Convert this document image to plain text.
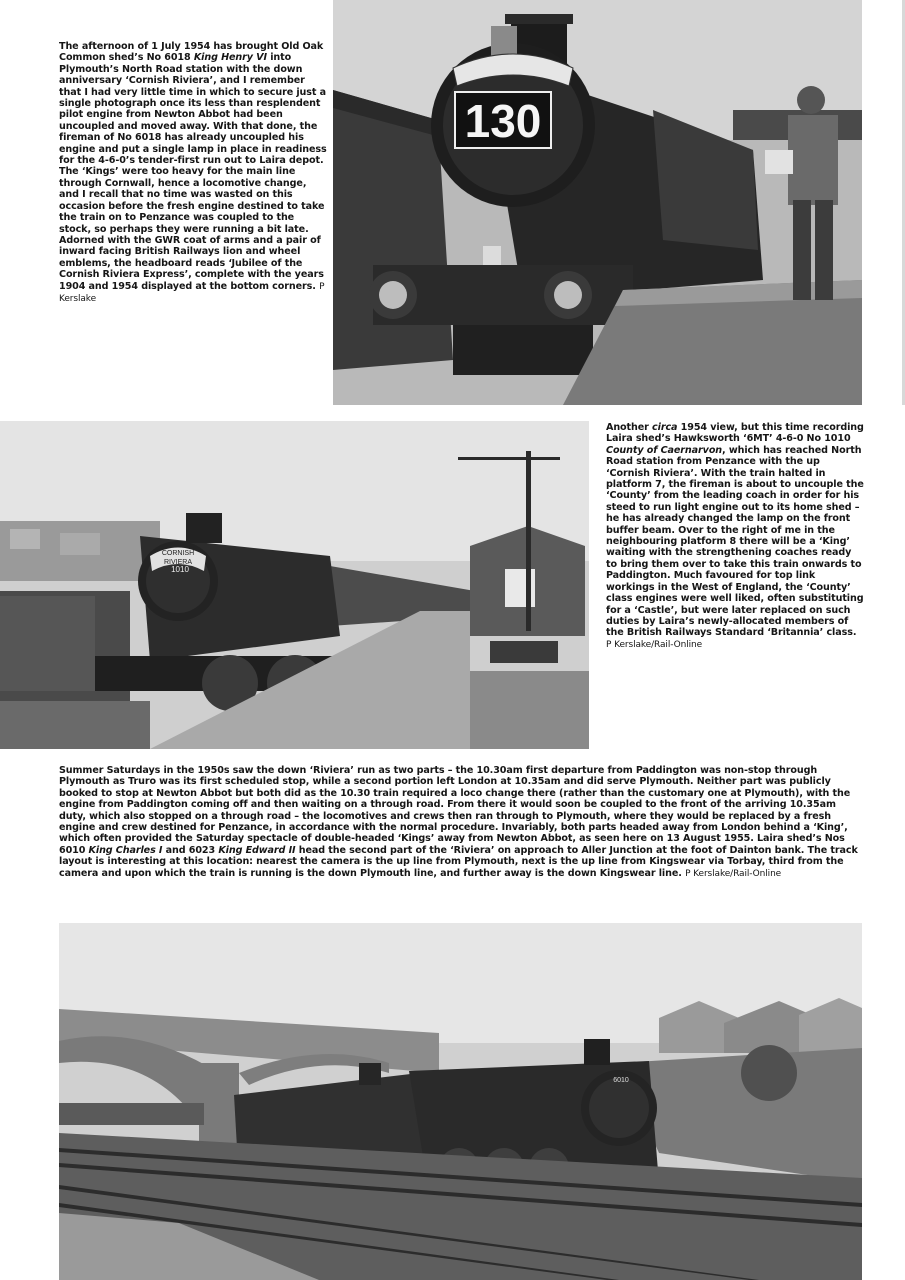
The afternoon of 1 July 1954 has brought Old Oak Common shed’s No 6018 King Henry VI into Plymouth’s North Road station with the down anniversary ‘Cornish Riviera’, and I remember that I had very little time in which to secure just a single photograph once its less than resplendent pilot engine from Newton Abbot had been uncoupled and moved away. With that done, the fireman of No 6018 has already uncoupled his engine and put a single lamp in place in readiness for the 4-6-0’s tender-first run out to Laira depot. The ‘Kings’ were too heavy for the main line through Cornwall, hence a locomotive change, and I recall that no time was wasted on this occasion before the fresh engine destined to take the train on to Penzance was coupled to the stock, so perhaps they were running a bit late. Adorned with the GWR coat of arms and a pair of inward facing British Railways lion and wheel emblems, the headboard reads ‘Jubilee of the Cornish Riviera Express’, complete with the years 1904 and 1954 displayed at the bottom corners. P Kerslake

130
CORNISH
RIVIERA
1010

Another circa 1954 view, but this time recording Laira shed’s Hawksworth ‘6MT’ 4-6-0 No 1010 County of Caernarvon, which has reached North Road station from Penzance with the up ‘Cornish Riviera’. With the train halted in platform 7, the fireman is about to uncouple the ‘County’ from the leading coach in order for his steed to run light engine out to its home shed – he has already changed the lamp on the front buffer beam. Over to the right of me in the neighbouring platform 8 there will be a ‘King’ waiting with the strengthening coaches ready to bring them over to take this train onwards to Paddington. Much favoured for top link workings in the West of England, the ‘County’ class engines were well liked, often substituting for a ‘Castle’, but were later replaced on such duties by Laira’s newly-allocated members of the British Railways Standard ‘Britannia’ class. P Kerslake/Rail-Online

Summer Saturdays in the 1950s saw the down ‘Riviera’ run as two parts – the 10.30am first departure from Paddington was non-stop through Plymouth as Truro was its first scheduled stop, while a second portion left London at 10.35am and did serve Plymouth. Neither part was publicly booked to stop at Newton Abbot but both did as the 10.30 train required a loco change there (rather than the customary one at Plymouth), with the engine from Paddington coming off and then waiting on a through road. From there it would soon be coupled to the front of the arriving 10.35am duty, which also stopped on a through road – the locomotives and crews then ran through to Plymouth, where they would be replaced by a fresh engine and crew destined for Penzance, in accordance with the normal procedure. Invariably, both parts headed away from London behind a ‘King’, which often provided the Saturday spectacle of double-headed ‘Kings’ away from Newton Abbot, as seen here on 13 August 1955. Laira shed’s Nos 6010 King Charles I and 6023 King Edward II head the second part of the ‘Riviera’ on approach to Aller Junction at the foot of Dainton bank. The track layout is interesting at this location: nearest the camera is the up line from Plymouth, next is the up line from Kingswear via Torbay, third from the camera and upon which the train is running is the down Plymouth line, and further away is the down Kingswear line. P Kerslake/Rail-Online

6010
